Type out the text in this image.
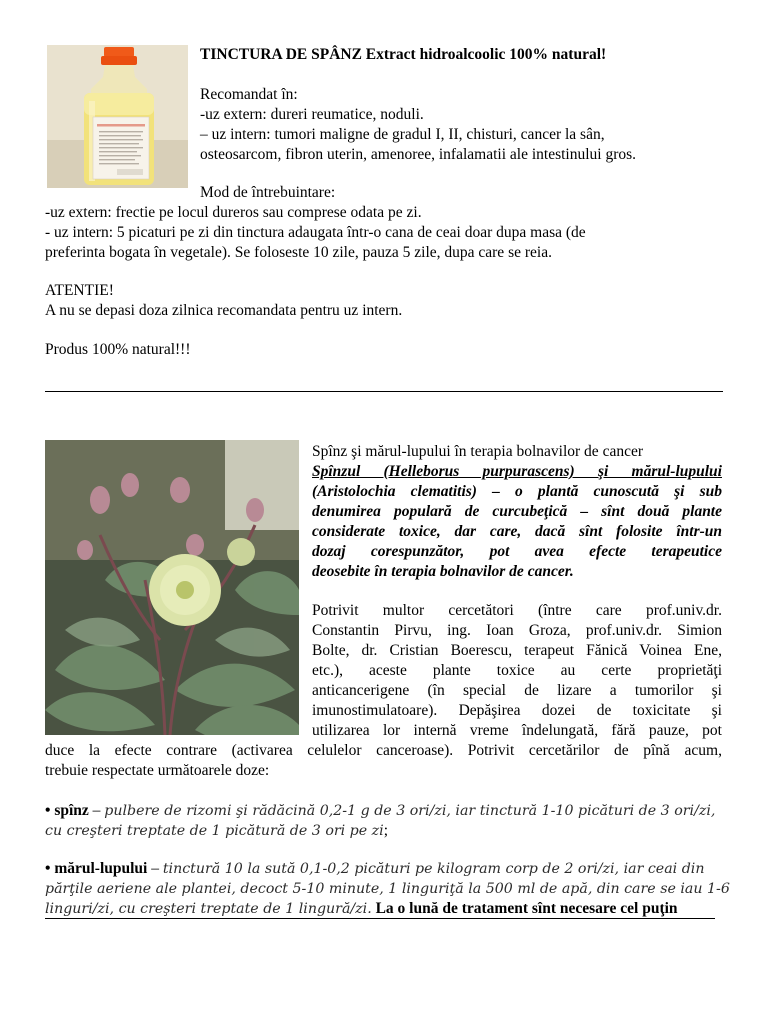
TINCTURA DE SPÂNZ Extract hidroalcoolic 100% natural!
Recomandat în:
-uz extern: dureri reumatice, noduli.
– uz intern: tumori maligne de gradul I, II, chisturi, cancer la sân,
osteosarcom, fibron uterin, amenoree, infalamatii ale intestinului gros.
Mod de întrebuintare:
-uz extern: frectie pe locul dureros sau comprese odata pe zi.
- uz intern: 5 picaturi pe zi din tinctura adaugata într-o cana de ceai doar dupa masa (de
preferinta bogata în vegetale). Se foloseste 10 zile, pauza 5 zile, dupa care se reia.
ATENTIE!
A nu se depasi doza zilnica recomandata pentru uz intern.
Produs 100% natural!!!
Spînz şi mărul-lupului în terapia bolnavilor de cancer
Spînzul (Helleborus purpurascens) şi mărul-lupului
(Aristolochia clematitis) – o plantă cunoscută şi sub
denumirea populară de curcubeţică – sînt două plante
considerate toxice, dar care, dacă sînt folosite într-un
dozaj corespunzător, pot avea efecte terapeutice
deosebite în terapia bolnavilor de cancer.
Potrivit multor cercetători (între care prof.univ.dr.
Constantin Pirvu, ing. Ioan Groza, prof.univ.dr. Simion
Bolte, dr. Cristian Boerescu, terapeut Fănică Voinea Ene,
etc.), aceste plante toxice au certe proprietăţi
anticancerigene (în special de lizare a tumorilor şi
imunostimulatoare). Depăşirea dozei de toxicitate şi
utilizarea lor internă vreme îndelungată, fără pauze, pot
duce la efecte contrare (activarea celulelor canceroase). Potrivit cercetărilor de pînă acum,
trebuie respectate următoarele doze:
• spînz – pulbere de rizomi şi rădăcină 0,2-1 g de 3 ori/zi, iar tinctură 1-10 picături de 3 ori/zi,
cu creşteri treptate de 1 picătură de 3 ori pe zi;
• mărul-lupului – tinctură 10 la sută 0,1-0,2 picături pe kilogram corp de 2 ori/zi, iar ceai din
părţile aeriene ale plantei, decoct 5-10 minute, 1 linguriţă la 500 ml de apă, din care se iau 1-6
linguri/zi, cu creşteri treptate de 1 lingură/zi. La o lună de tratament sînt necesare cel puţin
